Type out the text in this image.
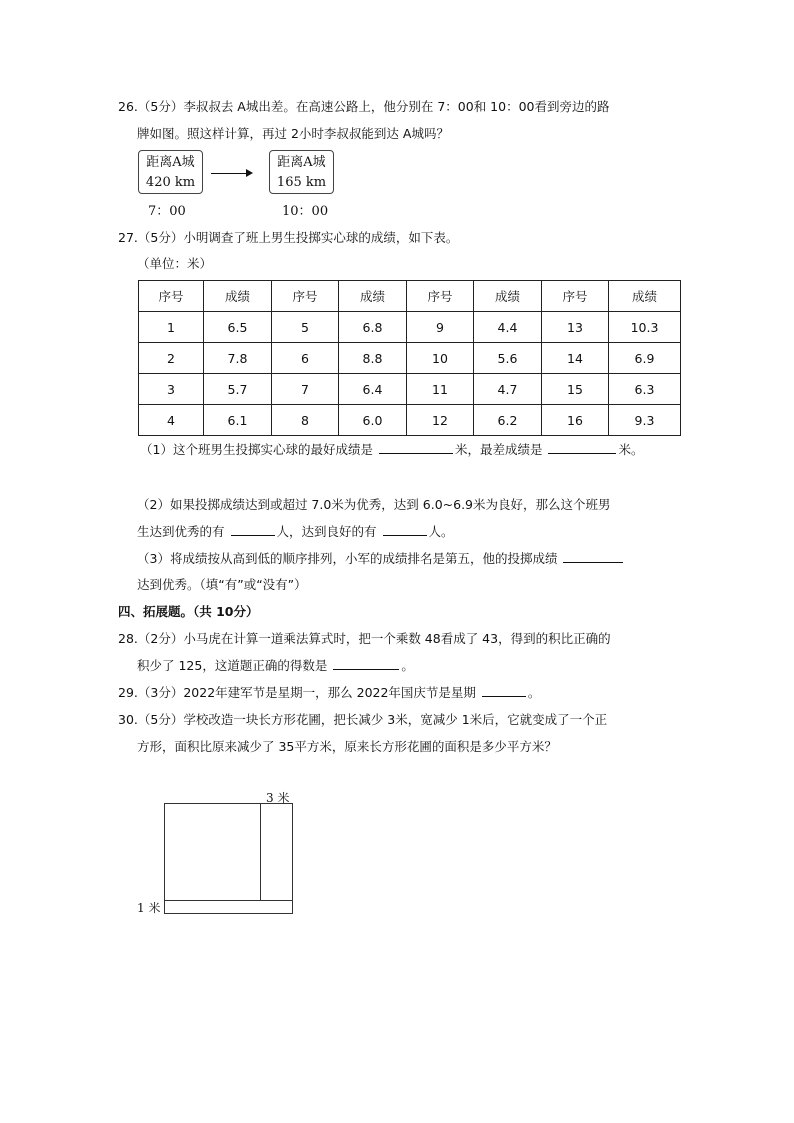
26.（5分）李叔叔去 A城出差。在高速公路上，他分别在 7：00和 10：00看到旁边的路
牌如图。照这样计算，再过 2小时李叔叔能到达 A城吗？
距离A城
420 km
7：00
距离A城
165 km
10：00
27.（5分）小明调查了班上男生投掷实心球的成绩，如下表。
（单位：米）
序号	成绩	序号	成绩	序号	成绩	序号	成绩
1	6.5	5	6.8	9	4.4	13	10.3
2	7.8	6	8.8	10	5.6	14	6.9
3	5.7	7	6.4	11	4.7	15	6.3
4	6.1	8	6.0	12	6.2	16	9.3
（1）这个班男生投掷实心球的最好成绩是	米，最差成绩是	米。
（2）如果投掷成绩达到或超过 7.0米为优秀，达到 6.0~6.9米为良好，那么这个班男
生达到优秀的有	人，达到良好的有	人。
（3）将成绩按从高到低的顺序排列，小军的成绩排名是第五，他的投掷成绩
达到优秀。（填“有”或“没有”）
四、拓展题。（共 10分）
28.（2分）小马虎在计算一道乘法算式时，把一个乘数 48看成了 43，得到的积比正确的
积少了 125，这道题正确的得数是	。
29.（3分）2022年建军节是星期一，那么 2022年国庆节是星期	。
30.（5分）学校改造一块长方形花圃，把长减少 3米，宽减少 1米后，它就变成了一个正
方形，面积比原来减少了 35平方米，原来长方形花圃的面积是多少平方米？
3 米
1 米
